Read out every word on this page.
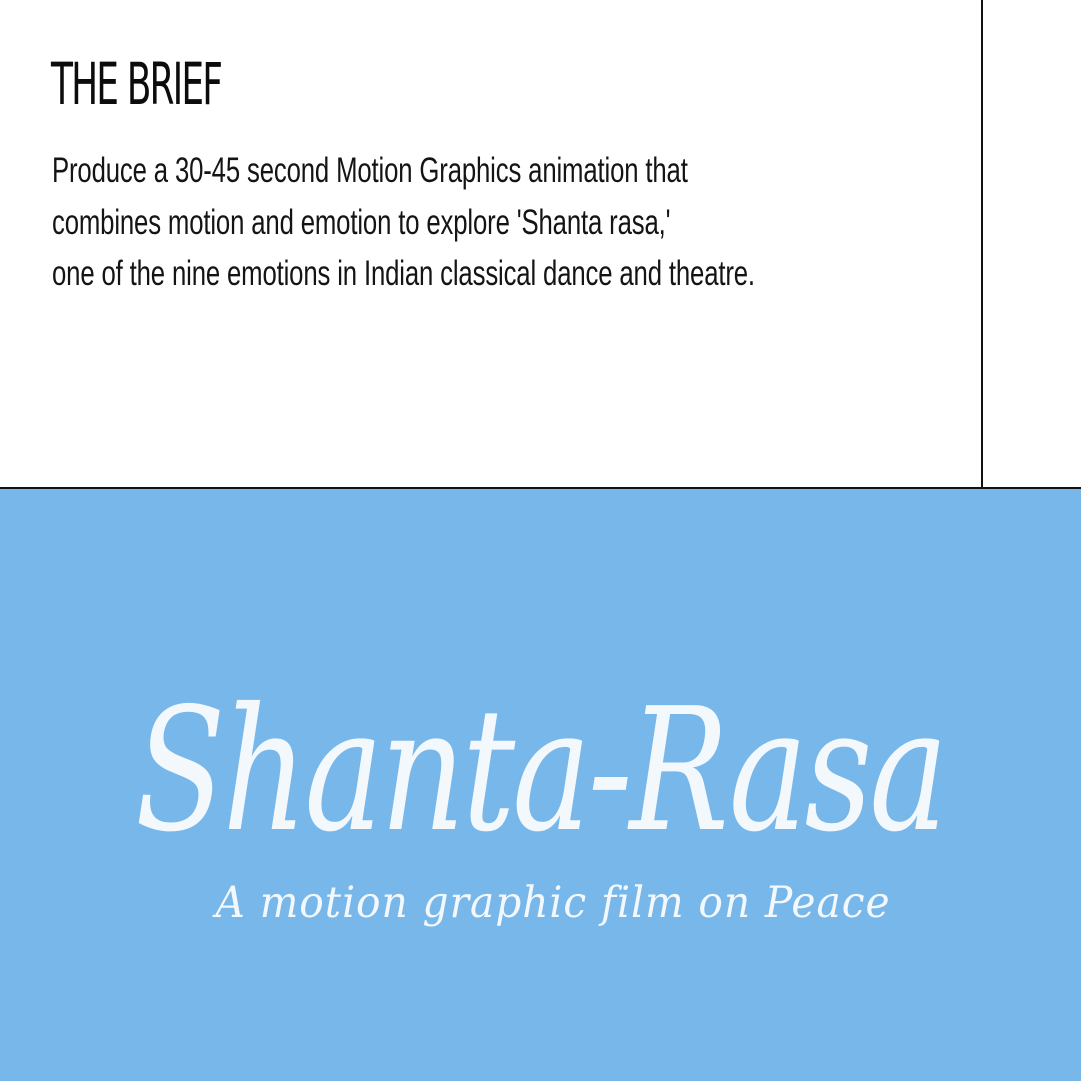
THE BRIEF

Produce a 30-45 second Motion Graphics animation that
combines motion and emotion to explore 'Shanta rasa,'
one of the nine emotions in Indian classical dance and theatre.

Shanta-Rasa
A motion graphic film on Peace
